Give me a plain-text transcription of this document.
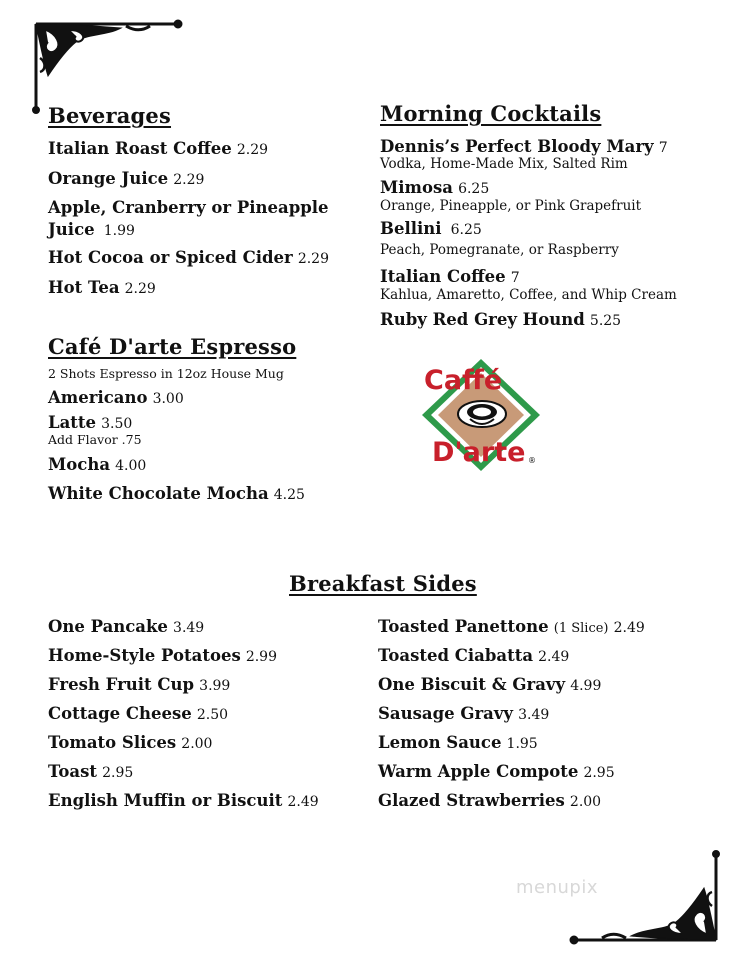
Beverages
Italian Roast Coffee 2.29
Orange Juice 2.29
Apple, Cranberry or Pineapple
Juice 1.99
Hot Cocoa or Spiced Cider 2.29
Hot Tea 2.29
Café D'arte Espresso
2 Shots Espresso in 12oz House Mug
Americano 3.00
Latte 3.50
Add Flavor .75
Mocha 4.00
White Chocolate Mocha 4.25
Morning Cocktails
Dennis’s Perfect Bloody Mary 7
Vodka, Home-Made Mix, Salted Rim
Mimosa 6.25
Orange, Pineapple, or Pink Grapefruit
Bellini 6.25
Peach, Pomegranate, or Raspberry
Italian Coffee 7
Kahlua, Amaretto, Coffee, and Whip Cream
Ruby Red Grey Hound 5.25
Caffé
D'arte ®
Breakfast Sides
One Pancake 3.49
Home-Style Potatoes 2.99
Fresh Fruit Cup 3.99
Cottage Cheese 2.50
Tomato Slices 2.00
Toast 2.95
English Muffin or Biscuit 2.49
Toasted Panettone (1 Slice) 2.49
Toasted Ciabatta 2.49
One Biscuit & Gravy 4.99
Sausage Gravy 3.49
Lemon Sauce 1.95
Warm Apple Compote 2.95
Glazed Strawberries 2.00
menupix
